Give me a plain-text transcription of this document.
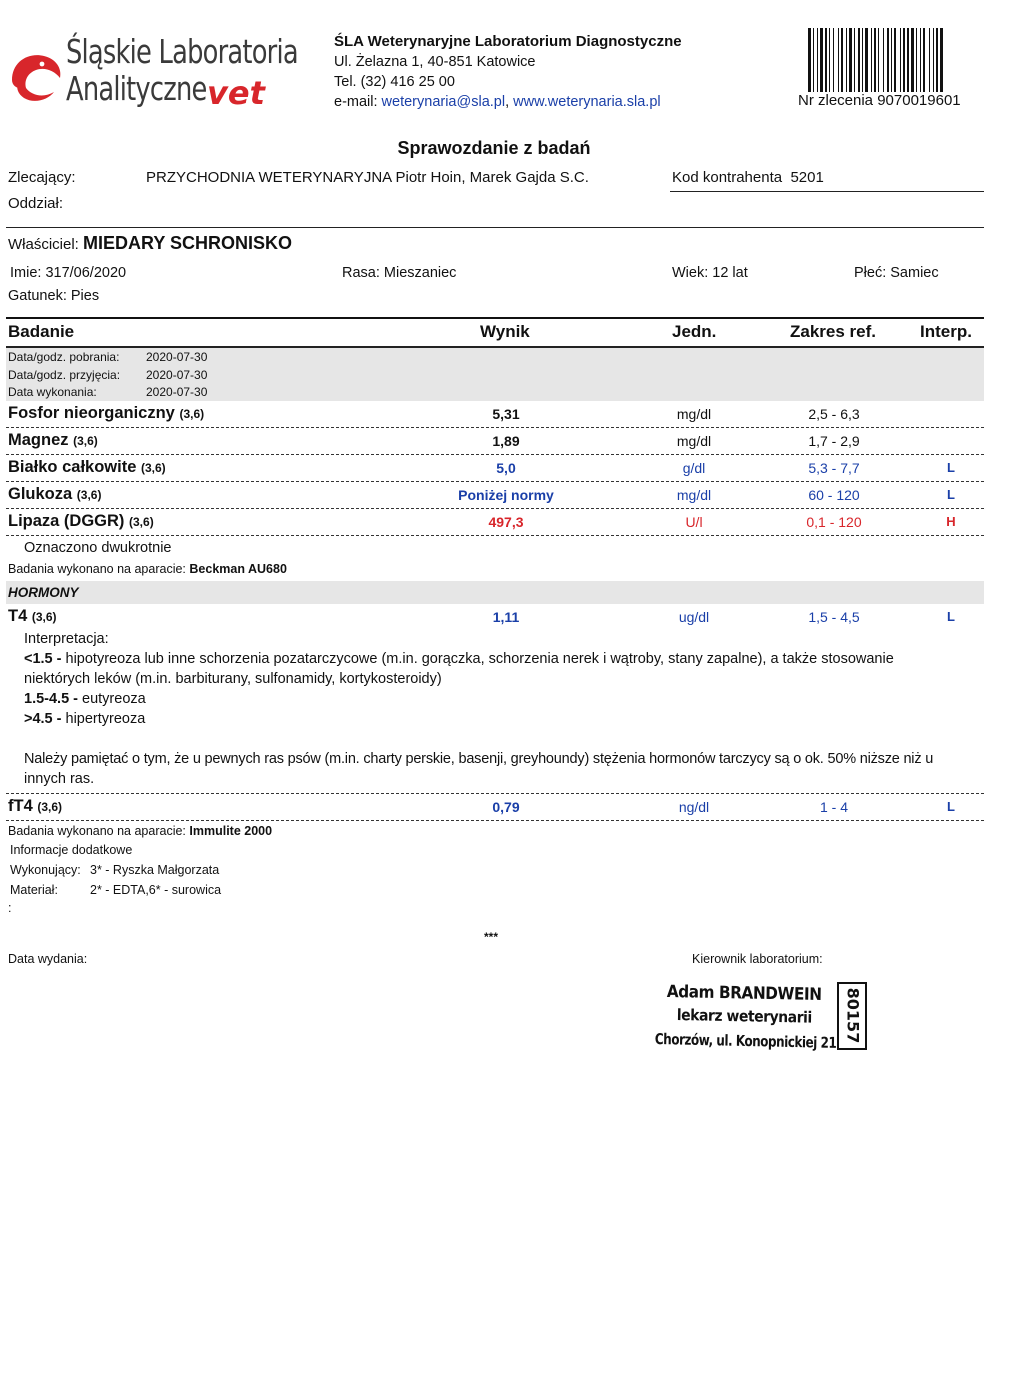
Śląskie Laboratoria
Analityczne vet
ŚLA Weterynaryjne Laboratorium Diagnostyczne
Ul. Żelazna 1, 40-851 Katowice
Tel. (32) 416 25 00
e-mail: weterynaria@sla.pl, www.weterynaria.sla.pl	Nr zlecenia 9070019601
Sprawozdanie z badań
Zlecający:	PRZYCHODNIA WETERYNARYJNA Piotr Hoin, Marek Gajda S.C.
Oddział:
Kod kontrahenta 5201
Właściciel: MIEDARY SCHRONISKO
Imie: 317/06/2020	Rasa: Mieszaniec	Wiek: 12 lat	Płeć: Samiec
Gatunek: Pies
Badanie	Wynik	Jedn.	Zakres ref.	Interp.
Data/godz. pobrania: 2020-07-30
Data/godz. przyjęcia: 2020-07-30
Data wykonania:	2020-07-30
Fosfor nieorganiczny (3,6)	5,31	mg/dl	2,5 - 6,3
Magnez (3,6)	1,89	mg/dl	1,7 - 2,9
Białko całkowite (3,6)	5,0	g/dl	5,3 - 7,7	L
Glukoza (3,6)	Poniżej normy	mg/dl	60 - 120	L
Lipaza (DGGR) (3,6)	497,3	U/l	0,1 - 120	H
Oznaczono dwukrotnie
Badania wykonano na aparacie: Beckman AU680
HORMONY
T4 (3,6)	1,11	ug/dl	1,5 - 4,5	L
Interpretacja:
<1.5 - hipotyreoza lub inne schorzenia pozatarczycowe (m.in. gorączka, schorzenia nerek i wątroby, stany zapalne), a także stosowanie
niektórych leków (m.in. barbiturany, sulfonamidy, kortykosteroidy)
1.5-4.5 - eutyreoza
>4.5 - hipertyreoza
Należy pamiętać o tym, że u pewnych ras psów (m.in. charty perskie, basenji, greyhoundy) stężenia hormonów tarczycy są o ok. 50% niższe niż u
innych ras.
fT4 (3,6)	0,79	ng/dl	1 - 4	L
Badania wykonano na aparacie: Immulite 2000
Informacje dodatkowe
Wykonujący: 3* - Ryszka Małgorzata
Materiał:	2* - EDTA,6* - surowica
:
***
Data wydania:	Kierownik laboratorium:
Adam BRANDWEIN
lekarz weterynarii
Chorzów, ul. Konopnickiej 21 80157
